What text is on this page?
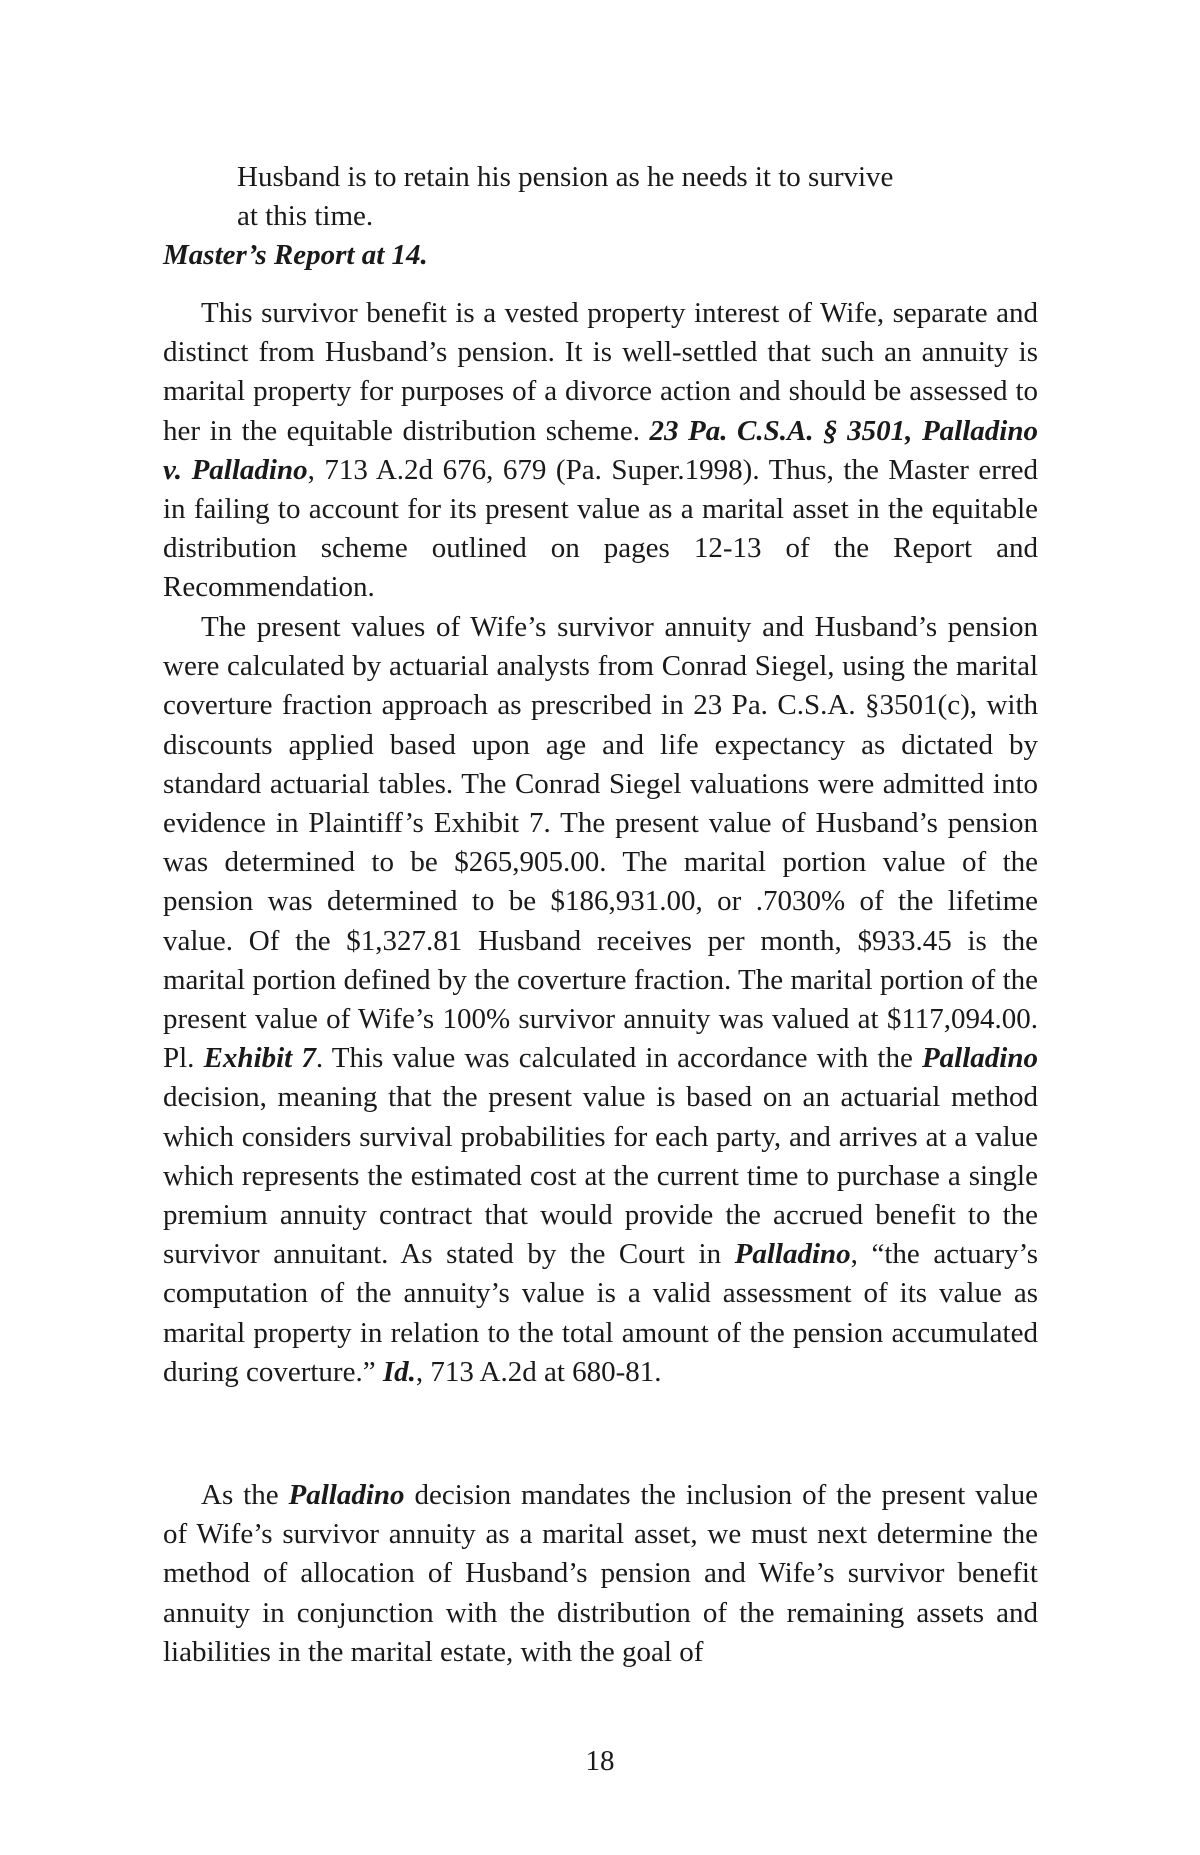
Husband is to retain his pension as he needs it to survive
at this time.
Master’s Report at 14.

This survivor benefit is a vested property interest of Wife, separate and distinct from Husband’s pension. It is well-settled that such an annuity is marital property for purposes of a divorce action and should be assessed to her in the equitable distribution scheme. 23 Pa. C.S.A. § 3501, Palladino v. Palladino, 713 A.2d 676, 679 (Pa. Super.1998). Thus, the Master erred in failing to account for its present value as a marital asset in the equitable distribution scheme outlined on pages 12-13 of the Report and Recommendation.

The present values of Wife’s survivor annuity and Husband’s pension were calculated by actuarial analysts from Conrad Siegel, using the marital coverture fraction approach as prescribed in 23 Pa. C.S.A. §3501(c), with discounts applied based upon age and life expectancy as dictated by standard actuarial tables. The Conrad Siegel valuations were admitted into evidence in Plaintiff’s Exhibit 7. The present value of Husband’s pension was determined to be $265,905.00. The marital portion value of the pension was determined to be $186,931.00, or .7030% of the lifetime value. Of the $1,327.81 Husband receives per month, $933.45 is the marital portion defined by the coverture fraction. The marital portion of the present value of Wife’s 100% survivor annuity was valued at $117,094.00. Pl. Exhibit 7. This value was calculated in accordance with the Palladino decision, meaning that the present value is based on an actuarial method which considers survival probabilities for each party, and arrives at a value which represents the estimated cost at the current time to purchase a single premium annuity contract that would provide the accrued benefit to the survivor annuitant. As stated by the Court in Palladino, “the actuary’s computation of the annuity’s value is a valid assessment of its value as marital property in relation to the total amount of the pension accumulated during coverture.” Id., 713 A.2d at 680-81.

As the Palladino decision mandates the inclusion of the present value of Wife’s survivor annuity as a marital asset, we must next determine the method of allocation of Husband’s pension and Wife’s survivor benefit annuity in conjunction with the distribution of the remaining assets and liabilities in the marital estate, with the goal of

18
